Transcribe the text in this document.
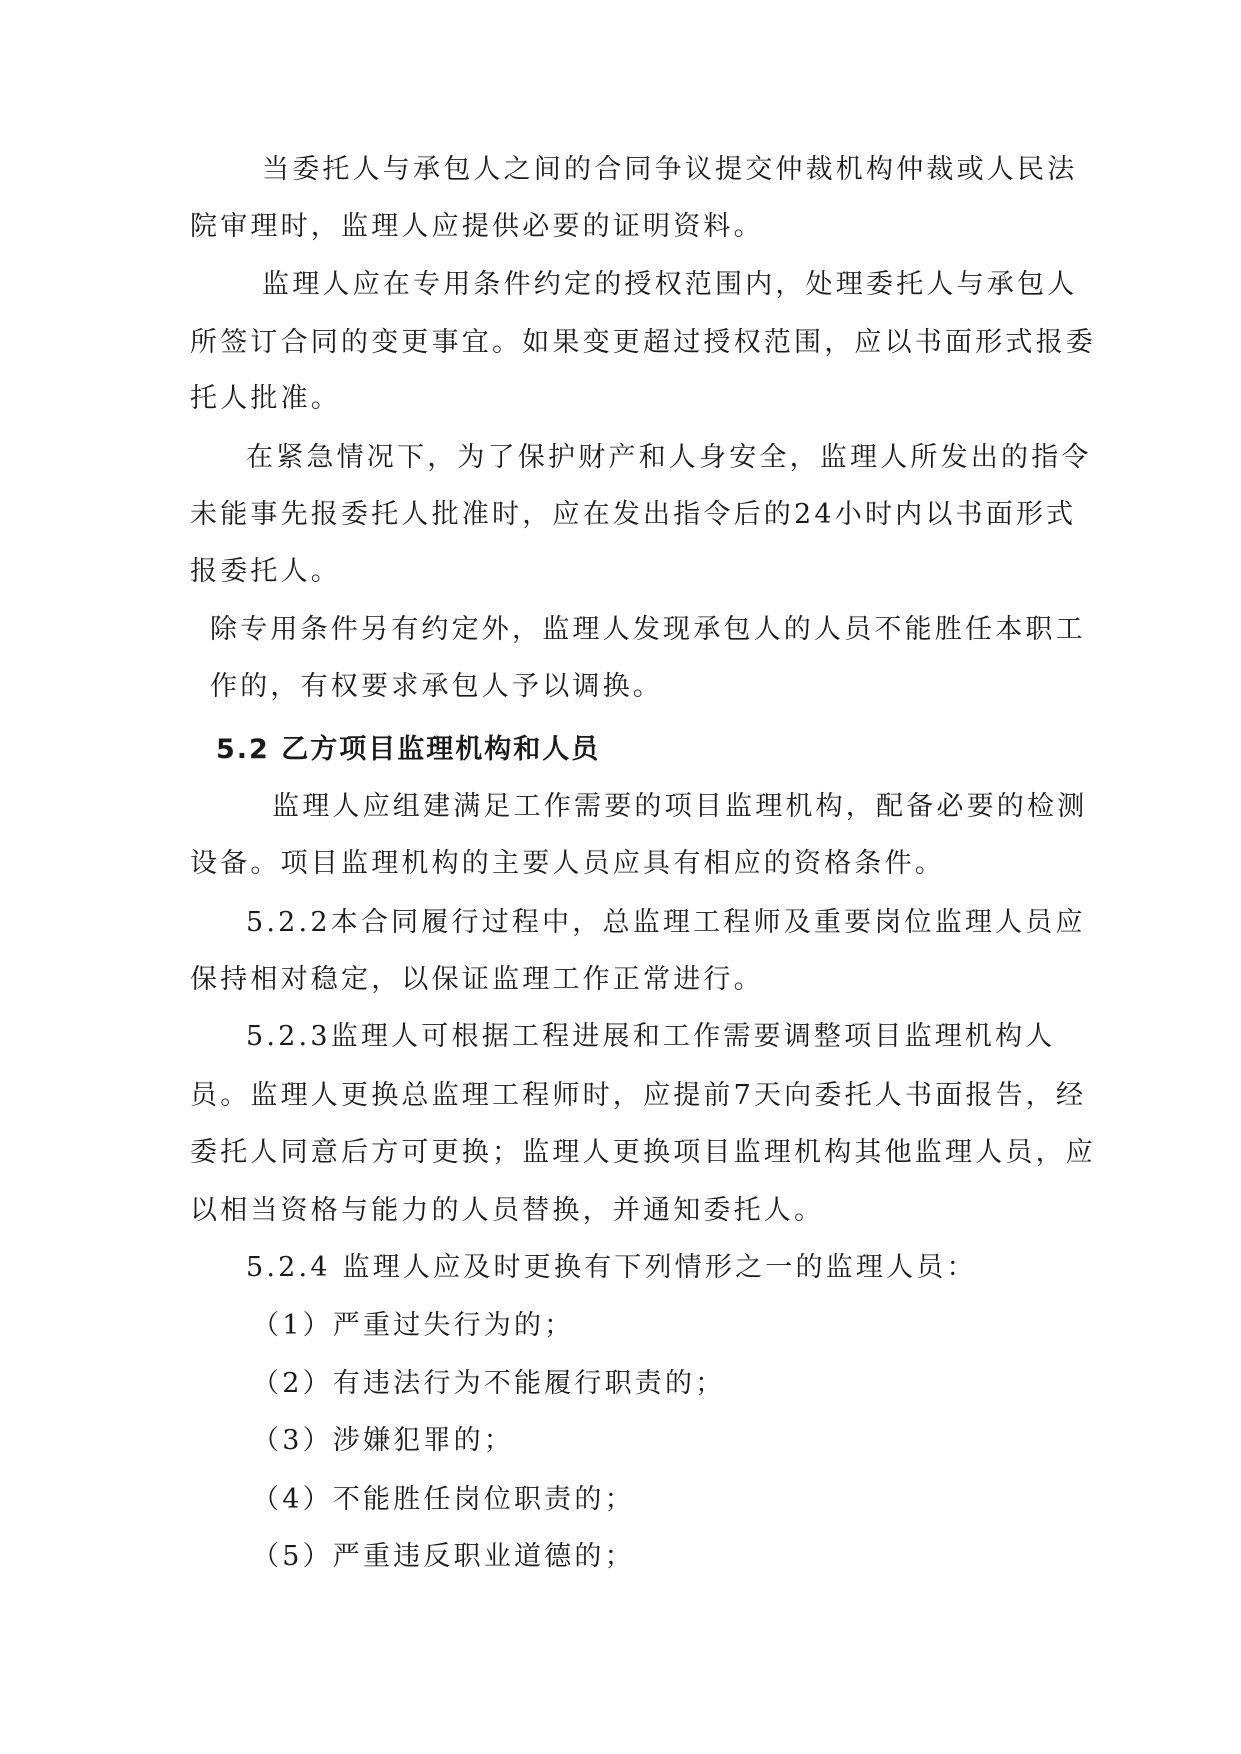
当委托人与承包人之间的合同争议提交仲裁机构仲裁或人民法
院审理时，监理人应提供必要的证明资料。
监理人应在专用条件约定的授权范围内，处理委托人与承包人
所签订合同的变更事宜。如果变更超过授权范围，应以书面形式报委
托人批准。
在紧急情况下，为了保护财产和人身安全，监理人所发出的指令
未能事先报委托人批准时，应在发出指令后的24小时内以书面形式
报委托人。
除专用条件另有约定外，监理人发现承包人的人员不能胜任本职工
作的，有权要求承包人予以调换。
5.2 乙方项目监理机构和人员
监理人应组建满足工作需要的项目监理机构，配备必要的检测
设备。项目监理机构的主要人员应具有相应的资格条件。
5.2.2本合同履行过程中，总监理工程师及重要岗位监理人员应
保持相对稳定，以保证监理工作正常进行。
5.2.3监理人可根据工程进展和工作需要调整项目监理机构人
员。监理人更换总监理工程师时，应提前7天向委托人书面报告，经
委托人同意后方可更换；监理人更换项目监理机构其他监理人员，应
以相当资格与能力的人员替换，并通知委托人。
5.2.4 监理人应及时更换有下列情形之一的监理人员：
（1）严重过失行为的；
（2）有违法行为不能履行职责的；
（3）涉嫌犯罪的；
（4）不能胜任岗位职责的；
（5）严重违反职业道德的；
